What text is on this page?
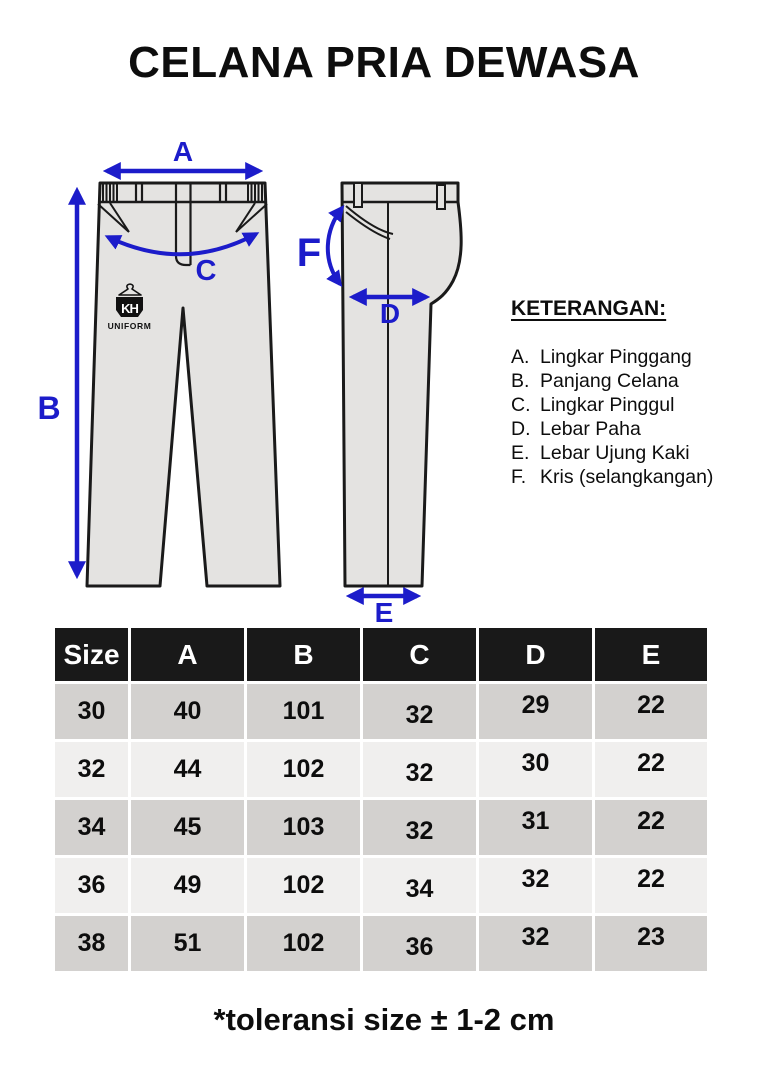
CELANA PRIA DEWASA
KH
UNIFORM
A
B
C F
D
E

KETERANGAN:

A. Lingkar Pinggang
B. Panjang Celana
C. Lingkar Pinggul
D. Lebar Paha
E. Lebar Ujung Kaki
F. Kris (selangkangan)
Size	A	B	C	D	E
30	40	101	32	29	22
32	44	102	32	30	22
34	45	103	32	31	22
36	49	102	34	32	22
38	51	102	36	32	23
*toleransi size ± 1-2 cm
